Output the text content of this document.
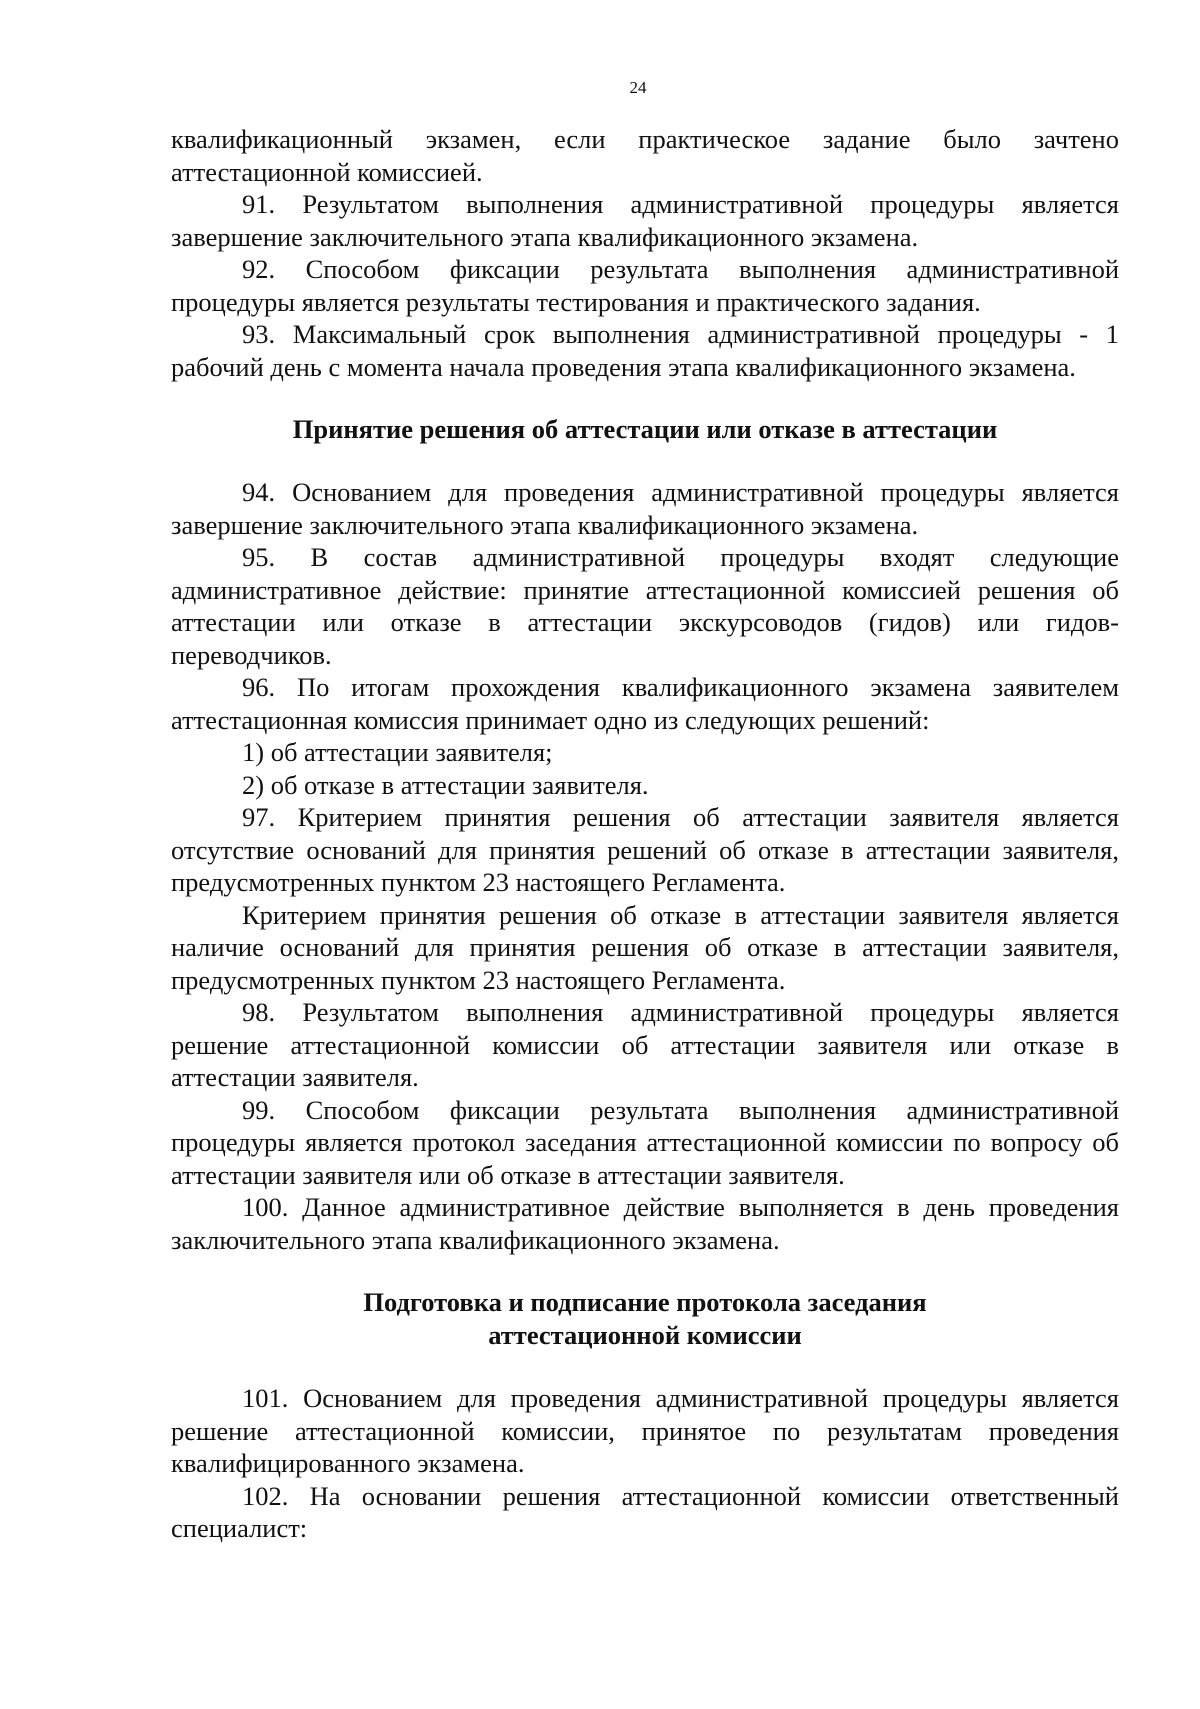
24

квалификационный экзамен, если практическое задание было зачтено аттестационной комиссией.

91. Результатом выполнения административной процедуры является завершение заключительного этапа квалификационного экзамена.

92. Способом фиксации результата выполнения административной процедуры является результаты тестирования и практического задания.

93. Максимальный срок выполнения административной процедуры - 1 рабочий день с момента начала проведения этапа квалификационного экзамена.

Принятие решения об аттестации или отказе в аттестации

94. Основанием для проведения административной процедуры является завершение заключительного этапа квалификационного экзамена.

95. В состав административной процедуры входят следующие административное действие: принятие аттестационной комиссией решения об аттестации или отказе в аттестации экскурсоводов (гидов) или гидов-переводчиков.

96. По итогам прохождения квалификационного экзамена заявителем аттестационная комиссия принимает одно из следующих решений:

1) об аттестации заявителя;

2) об отказе в аттестации заявителя.

97. Критерием принятия решения об аттестации заявителя является отсутствие оснований для принятия решений об отказе в аттестации заявителя, предусмотренных пунктом 23 настоящего Регламента.

Критерием принятия решения об отказе в аттестации заявителя является наличие оснований для принятия решения об отказе в аттестации заявителя, предусмотренных пунктом 23 настоящего Регламента.

98. Результатом выполнения административной процедуры является решение аттестационной комиссии об аттестации заявителя или отказе в аттестации заявителя.

99. Способом фиксации результата выполнения административной процедуры является протокол заседания аттестационной комиссии по вопросу об аттестации заявителя или об отказе в аттестации заявителя.

100. Данное административное действие выполняется в день проведения заключительного этапа квалификационного экзамена.

Подготовка и подписание протокола заседания
аттестационной комиссии

101. Основанием для проведения административной процедуры является решение аттестационной комиссии, принятое по результатам проведения квалифицированного экзамена.

102. На основании решения аттестационной комиссии ответственный специалист:
